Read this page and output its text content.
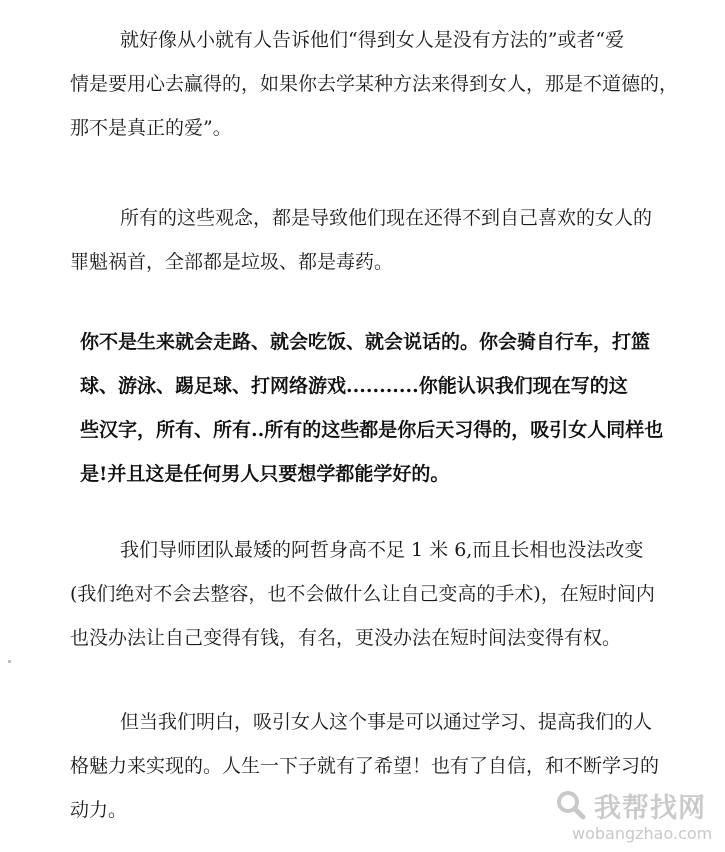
就好像从小就有人告诉他们“得到女人是没有方法的”或者“爱
情是要用心去赢得的，如果你去学某种方法来得到女人，那是不道德的，
那不是真正的爱”。

所有的这些观念，都是导致他们现在还得不到自己喜欢的女人的
罪魁祸首，全部都是垃圾、都是毒药。

你不是生来就会走路、就会吃饭、就会说话的。你会骑自行车，打篮
球、游泳、踢足球、打网络游戏...........你能认识我们现在写的这
些汉字，所有、所有..所有的这些都是你后天习得的，吸引女人同样也
是!并且这是任何男人只要想学都能学好的。

我们导师团队最矮的阿哲身高不足 1 米 6,而且长相也没法改变
(我们绝对不会去整容，也不会做什么让自己变高的手术)，在短时间内
也没办法让自己变得有钱，有名，更没办法在短时间法变得有权。

但当我们明白，吸引女人这个事是可以通过学习、提高我们的人
格魅力来实现的。人生一下子就有了希望！也有了自信，和不断学习的
动力。	我帮找网
wobangzhao.com
